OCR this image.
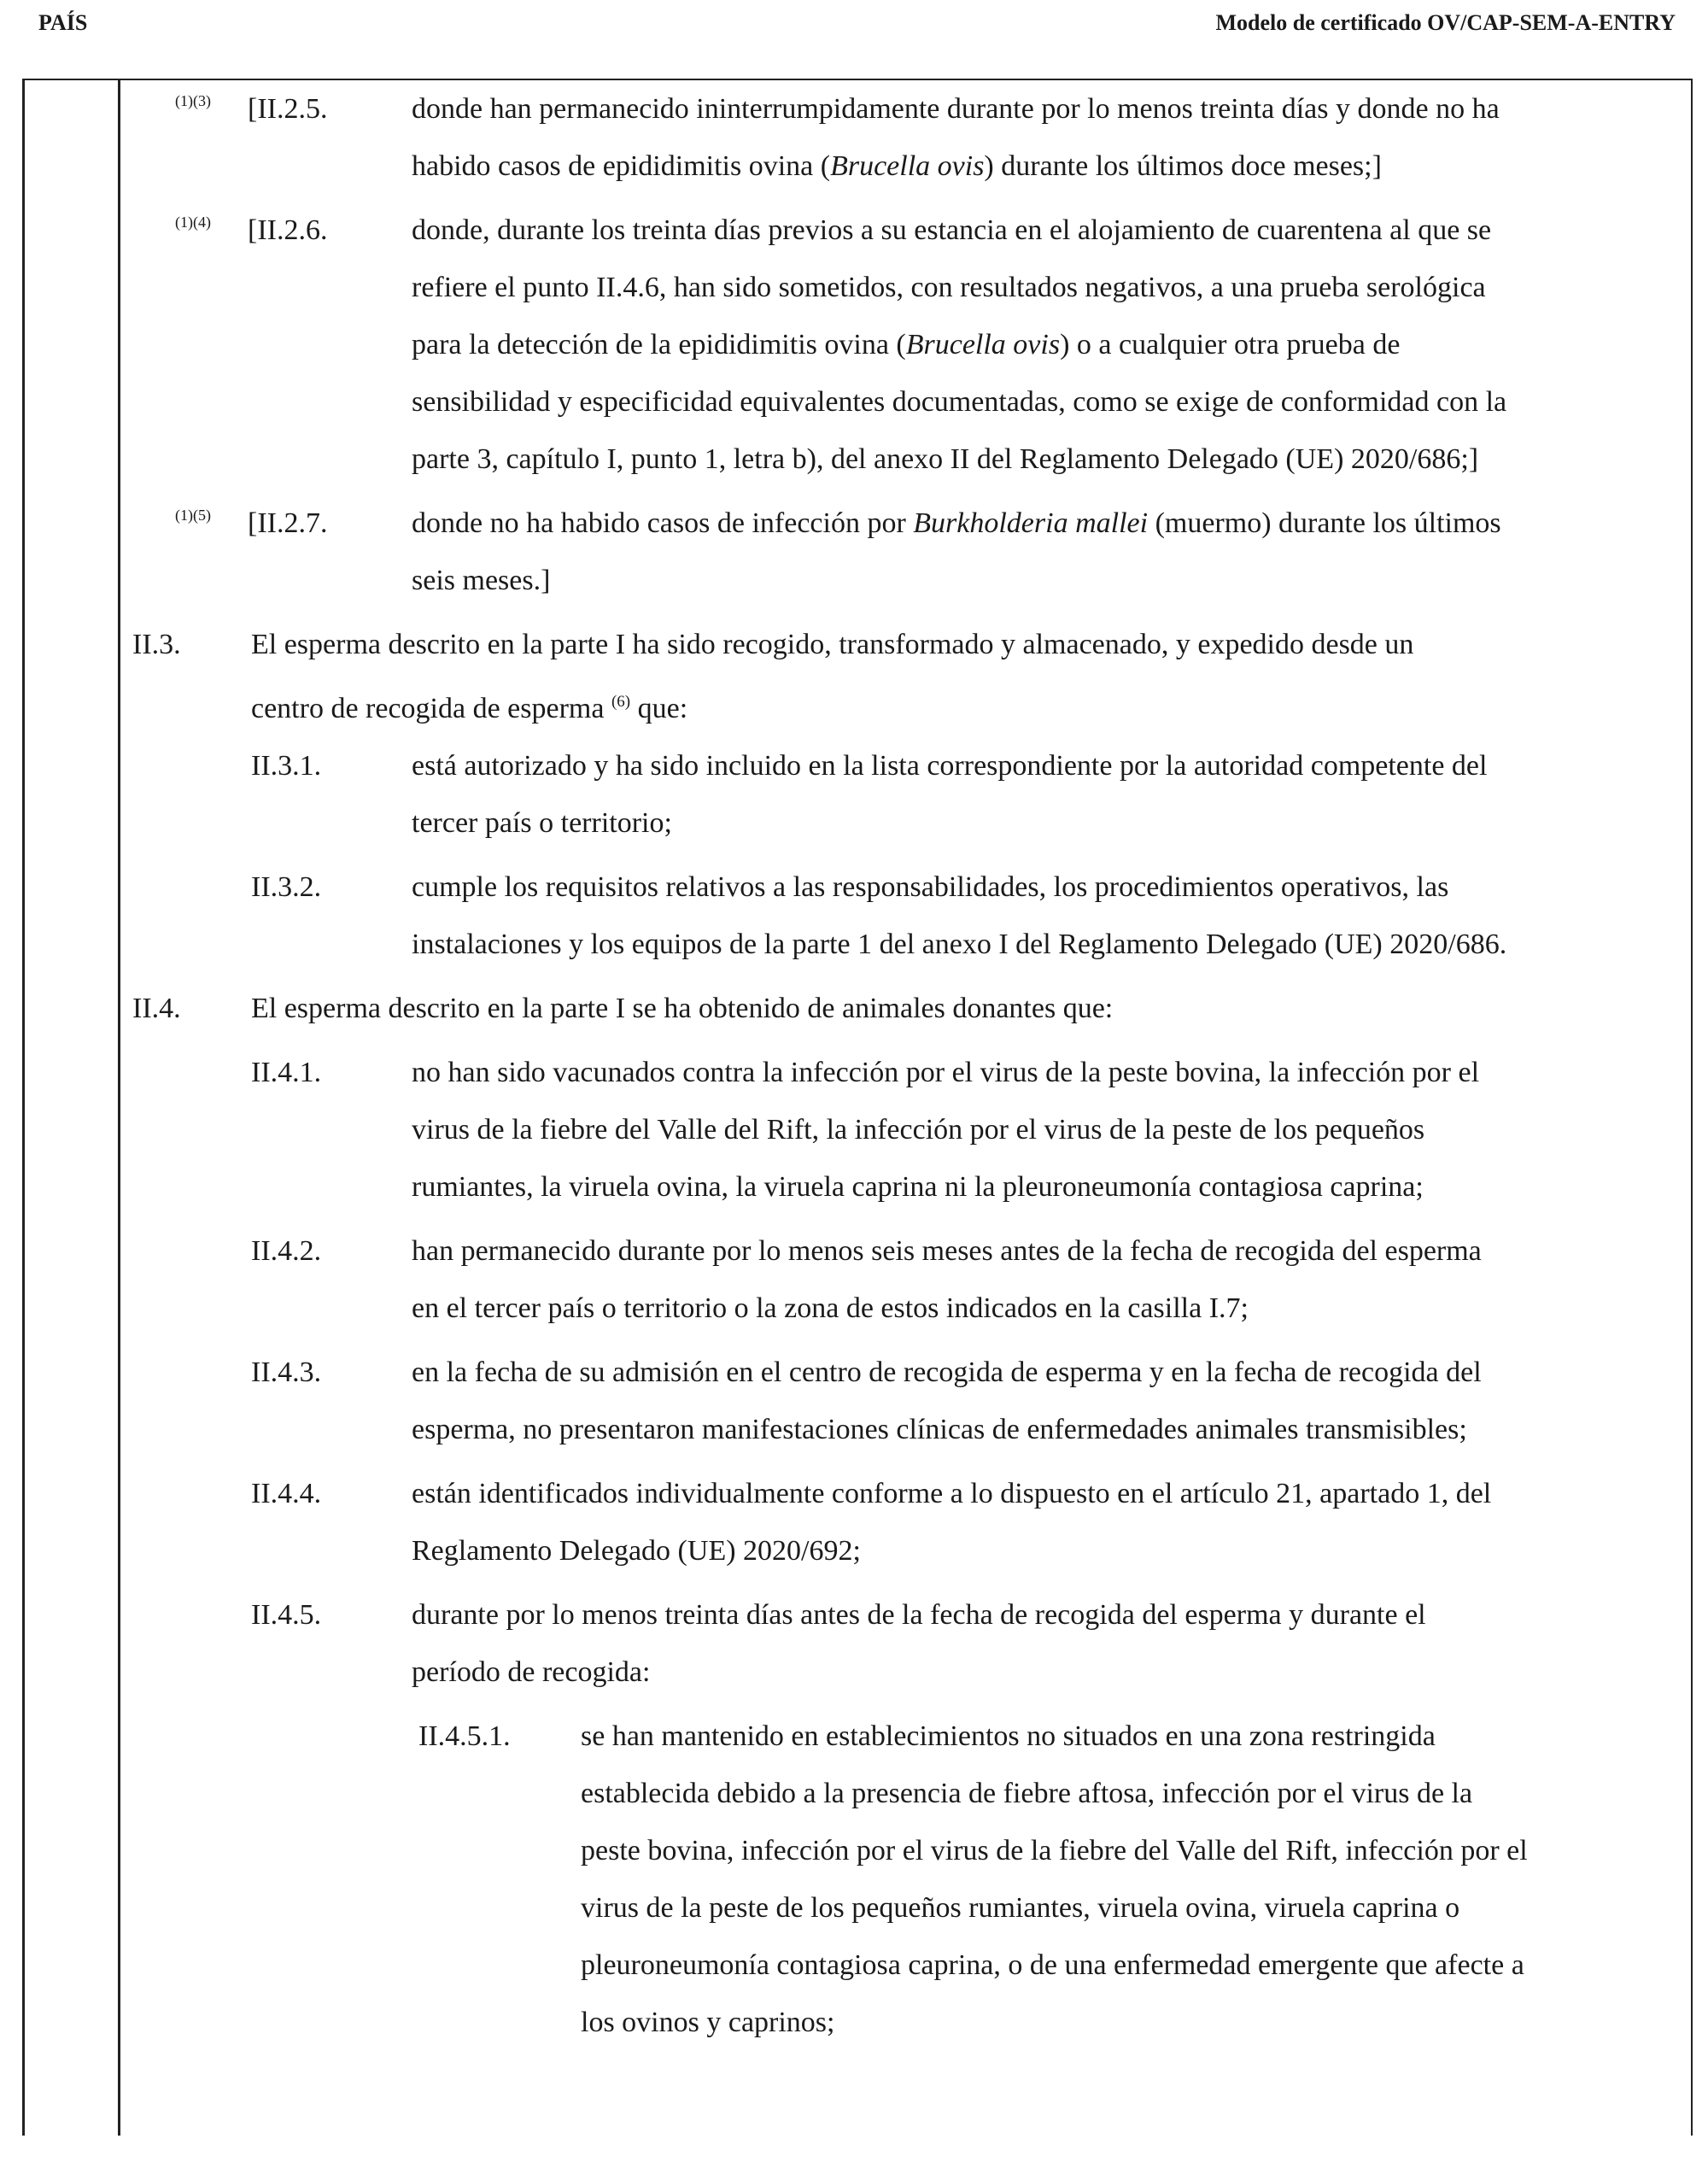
PAÍS	Modelo de certificado OV/CAP-SEM-A-ENTRY
(1)(3) [II.2.5.	donde han permanecido ininterrumpidamente durante por lo menos treinta días y donde no ha
habido casos de epididimitis ovina (Brucella ovis) durante los últimos doce meses;]
(1)(4) [II.2.6.	donde, durante los treinta días previos a su estancia en el alojamiento de cuarentena al que se
refiere el punto II.4.6, han sido sometidos, con resultados negativos, a una prueba serológica
para la detección de la epididimitis ovina (Brucella ovis) o a cualquier otra prueba de
sensibilidad y especificidad equivalentes documentadas, como se exige de conformidad con la
parte 3, capítulo I, punto 1, letra b), del anexo II del Reglamento Delegado (UE) 2020/686;]
(1)(5) [II.2.7.	donde no ha habido casos de infección por Burkholderia mallei (muermo) durante los últimos
seis meses.]
II.3. El esperma descrito en la parte I ha sido recogido, transformado y almacenado, y expedido desde un
centro de recogida de esperma $^{(6)}$ que:
II.3.1.	está autorizado y ha sido incluido en la lista correspondiente por la autoridad competente del
tercer país o territorio;
II.3.2.	cumple los requisitos relativos a las responsabilidades, los procedimientos operativos, las
instalaciones y los equipos de la parte 1 del anexo I del Reglamento Delegado (UE) 2020/686.
II.4. El esperma descrito en la parte I se ha obtenido de animales donantes que:
II.4.1.	no han sido vacunados contra la infección por el virus de la peste bovina, la infección por el
virus de la fiebre del Valle del Rift, la infección por el virus de la peste de los pequeños
rumiantes, la viruela ovina, la viruela caprina ni la pleuroneumonía contagiosa caprina;
II.4.2.	han permanecido durante por lo menos seis meses antes de la fecha de recogida del esperma
en el tercer país o territorio o la zona de estos indicados en la casilla I.7;
II.4.3.	en la fecha de su admisión en el centro de recogida de esperma y en la fecha de recogida del
esperma, no presentaron manifestaciones clínicas de enfermedades animales transmisibles;
II.4.4.	están identificados individualmente conforme a lo dispuesto en el artículo 21, apartado 1, del
Reglamento Delegado (UE) 2020/692;
II.4.5.	durante por lo menos treinta días antes de la fecha de recogida del esperma y durante el
período de recogida:
II.4.5.1. se han mantenido en establecimientos no situados en una zona restringida
establecida debido a la presencia de fiebre aftosa, infección por el virus de la
peste bovina, infección por el virus de la fiebre del Valle del Rift, infección por el
virus de la peste de los pequeños rumiantes, viruela ovina, viruela caprina o
pleuroneumonía contagiosa caprina, o de una enfermedad emergente que afecte a
los ovinos y caprinos;
